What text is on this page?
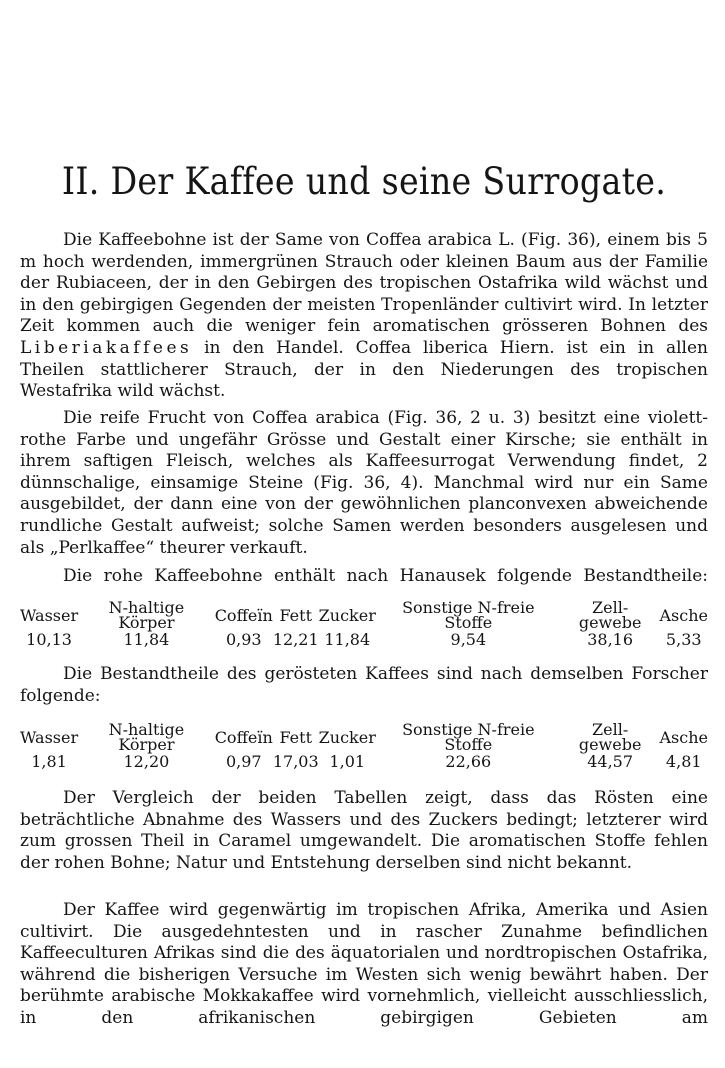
II. Der Kaffee und seine Surrogate.

Die Kaffeebohne ist der Same von Coffea arabica L. (Fig. 36), einem bis 5 m hoch werdenden, immergrünen Strauch oder kleinen Baum aus der Familie der Rubiaceen, der in den Gebirgen des tropischen Ostafrika wild wächst und in den gebirgigen Gegenden der meisten Tropenländer cultivirt wird. In letzter Zeit kommen auch die weniger fein aromatischen grösseren Bohnen des Liberiakaffees in den Handel. Coffea liberica Hiern. ist ein in allen Theilen stattlicherer Strauch, der in den Niederungen des tropischen Westafrika wild wächst.

Die reife Frucht von Coffea arabica (Fig. 36, 2 u. 3) besitzt eine violett-rothe Farbe und ungefähr Grösse und Gestalt einer Kirsche; sie enthält in ihrem saftigen Fleisch, welches als Kaffeesurrogat Verwendung findet, 2 dünnschalige, einsamige Steine (Fig. 36, 4). Manchmal wird nur ein Same ausgebildet, der dann eine von der gewöhnlichen planconvexen abweichende rundliche Gestalt aufweist; solche Samen werden besonders ausgelesen und als „Perlkaffee“ theurer verkauft.

Die rohe Kaffeebohne enthält nach Hanausek folgende Bestandtheile:

Wasser	N-haltige Körper	Coffeïn	Fett	Zucker	Sonstige N-freie Stoffe	Zell-gewebe	Asche
10,13	11,84	0,93	12,21	11,84	9,54	38,16	5,33

Die Bestandtheile des gerösteten Kaffees sind nach demselben Forscher folgende:

Wasser	N-haltige Körper	Coffeïn	Fett	Zucker	Sonstige N-freie Stoffe	Zell-gewebe	Asche
1,81	12,20	0,97	17,03	1,01	22,66	44,57	4,81

Der Vergleich der beiden Tabellen zeigt, dass das Rösten eine beträchtliche Abnahme des Wassers und des Zuckers bedingt; letzterer wird zum grossen Theil in Caramel umgewandelt. Die aromatischen Stoffe fehlen der rohen Bohne; Natur und Entstehung derselben sind nicht bekannt.

Der Kaffee wird gegenwärtig im tropischen Afrika, Amerika und Asien cultivirt. Die ausgedehntesten und in rascher Zunahme befindlichen Kaffeeculturen Afrikas sind die des äquatorialen und nordtropischen Ostafrika, während die bisherigen Versuche im Westen sich wenig bewährt haben. Der berühmte arabische Mokkakaffee wird vornehmlich, vielleicht ausschliesslich, in den afrikanischen gebirgigen Gebieten am
